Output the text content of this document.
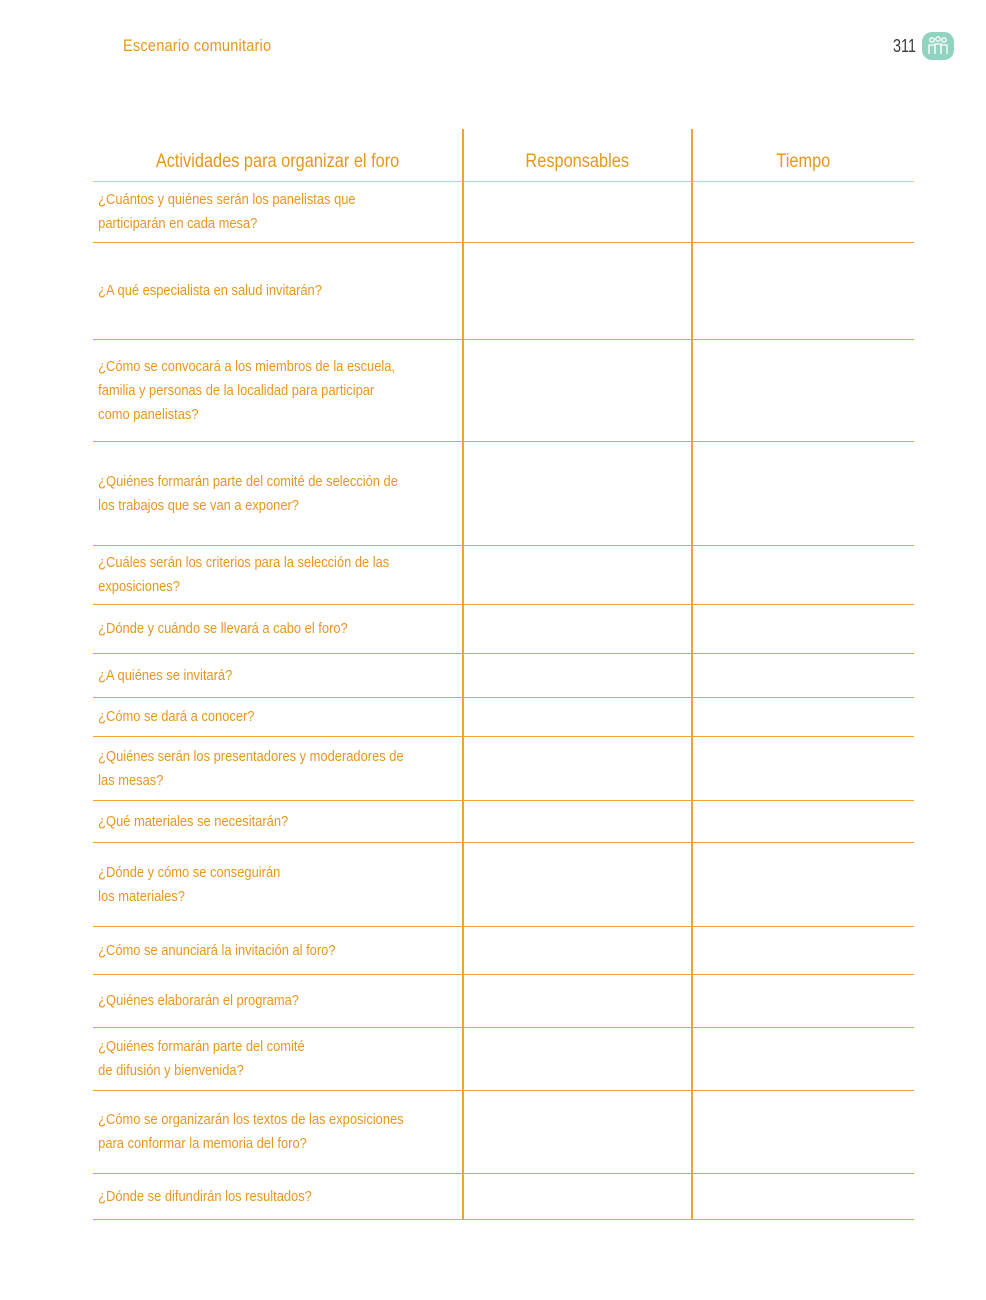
Escenario comunitario	311
Actividades para organizar el foro	Responsables	Tiempo

¿Cuántos y quiénes serán los panelistas que
participarán en cada mesa?		

¿A qué especialista en salud invitarán?		

¿Cómo se convocará a los miembros de la escuela,
familia y personas de la localidad para participar
como panelistas?		

¿Quiénes formarán parte del comité de selección de
los trabajos que se van a exponer?		

¿Cuáles serán los criterios para la selección de las
exposiciones?		

¿Dónde y cuándo se llevará a cabo el foro?		

¿A quiénes se invitará?		

¿Cómo se dará a conocer?		

¿Quiénes serán los presentadores y moderadores de
las mesas?		

¿Qué materiales se necesitarán?		

¿Dónde y cómo se conseguirán
los materiales?		

¿Cómo se anunciará la invitación al foro?		

¿Quiénes elaborarán el programa?		

¿Quiénes formarán parte del comité
de difusión y bienvenida?		

¿Cómo se organizarán los textos de las exposiciones
para conformar la memoria del foro?		

¿Dónde se difundirán los resultados?		
